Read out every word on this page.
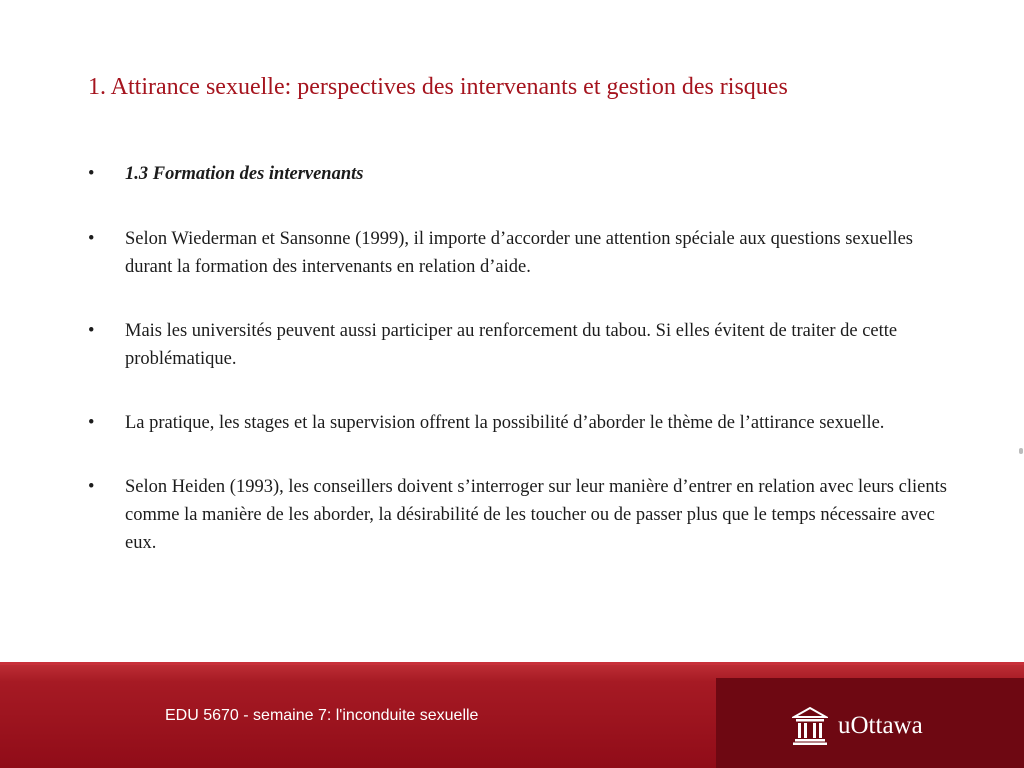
1. Attirance sexuelle: perspectives des intervenants et gestion des risques
•	1.3 Formation des intervenants
•	Selon Wiederman et Sansonne (1999), il importe d’accorder une attention spéciale aux questions sexuelles durant la formation des intervenants en relation d’aide.
•	Mais les universités peuvent aussi participer au renforcement du tabou. Si elles évitent de traiter de cette problématique.
•	La pratique, les stages et la supervision offrent la possibilité d’aborder le thème de l’attirance sexuelle.
•	Selon Heiden (1993), les conseillers doivent s’interroger sur leur manière d’entrer en relation avec leurs clients comme la manière de les aborder, la désirabilité de les toucher ou de passer plus que le temps nécessaire avec eux.
EDU 5670 - semaine 7: l'inconduite sexuelle	uOttawa
